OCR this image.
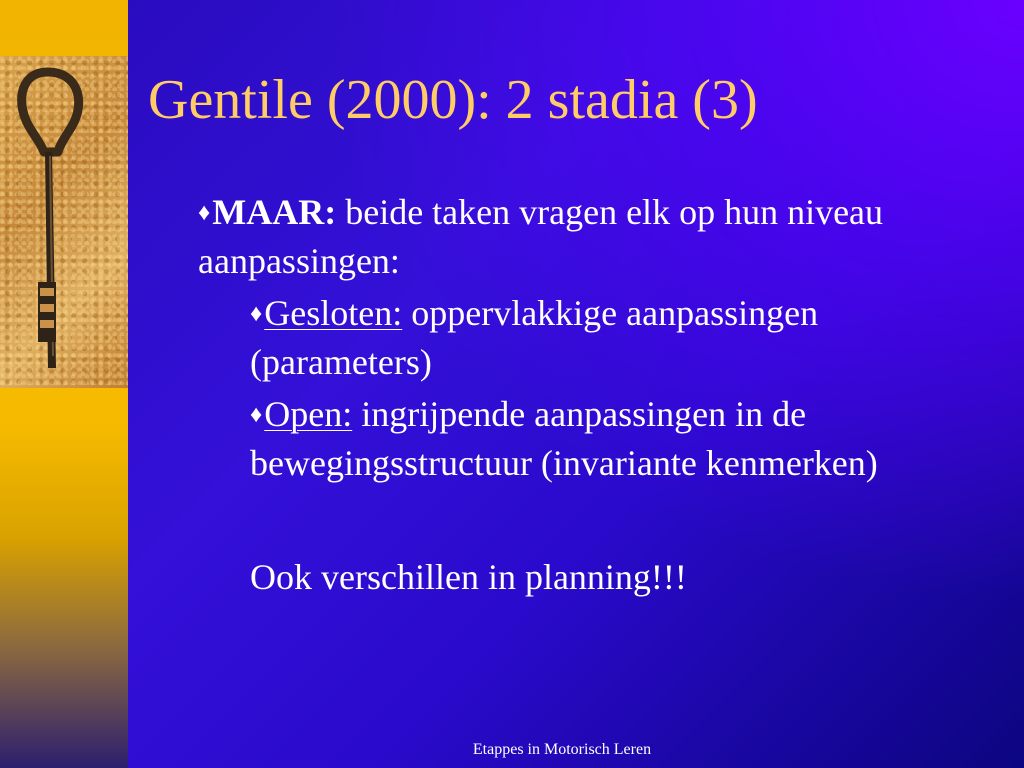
Gentile (2000): 2 stadia (3)

♦MAAR: beide taken vragen elk op hun niveau aanpassingen:

♦Gesloten: oppervlakkige aanpassingen (parameters)

♦Open: ingrijpende aanpassingen in de bewegingsstructuur (invariante kenmerken)

Ook verschillen in planning!!!

Etappes in Motorisch Leren
